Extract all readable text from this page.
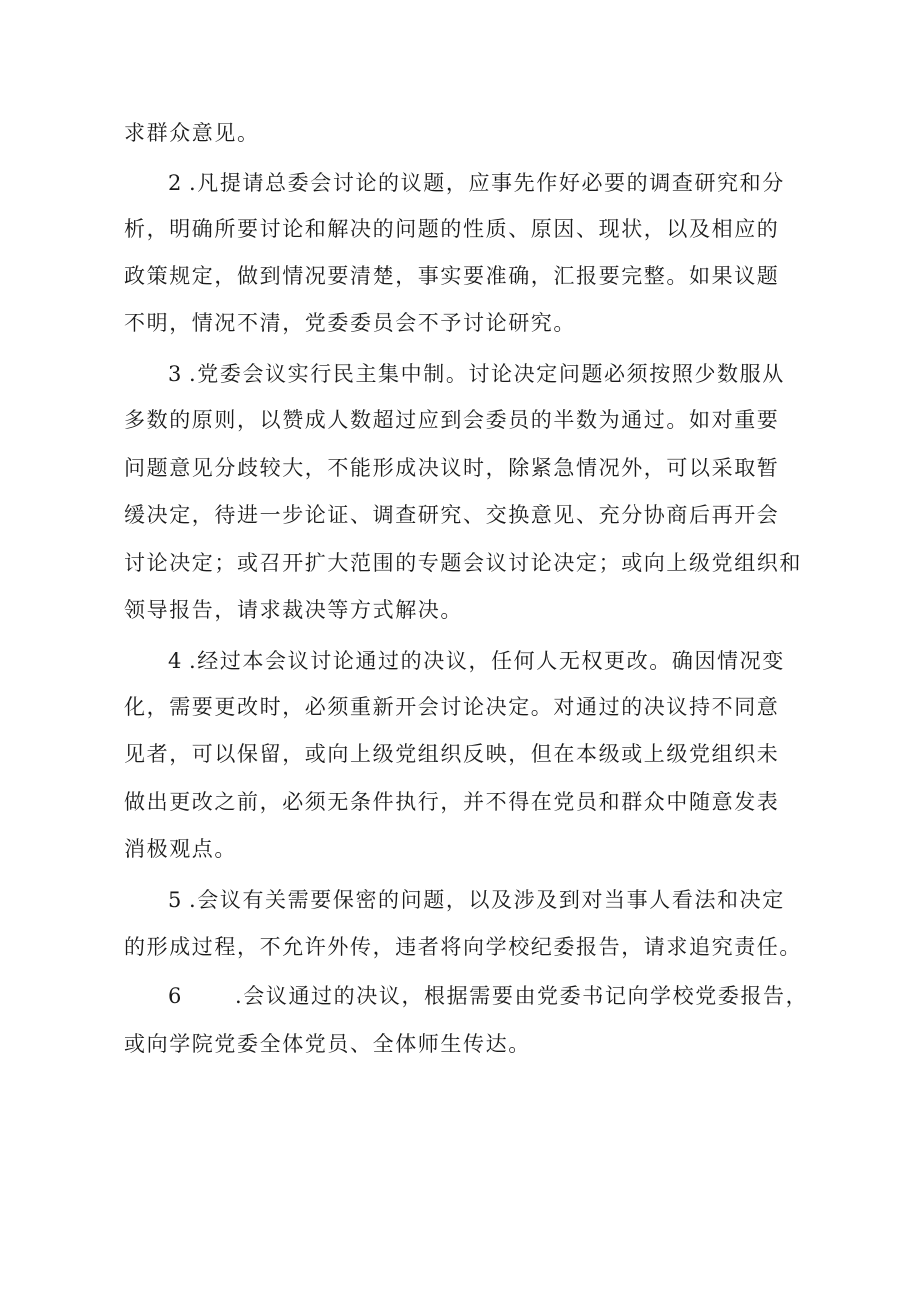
求群众意见。
2 .凡提请总委会讨论的议题，应事先作好必要的调查研究和分
析，明确所要讨论和解决的问题的性质、原因、现状，以及相应的
政策规定，做到情况要清楚，事实要准确，汇报要完整。如果议题
不明，情况不清，党委委员会不予讨论研究。
3 .党委会议实行民主集中制。讨论决定问题必须按照少数服从
多数的原则，以赞成人数超过应到会委员的半数为通过。如对重要
问题意见分歧较大，不能形成决议时，除紧急情况外，可以采取暂
缓决定，待进一步论证、调查研究、交换意见、充分协商后再开会
讨论决定；或召开扩大范围的专题会议讨论决定；或向上级党组织和
领导报告，请求裁决等方式解决。
4 .经过本会议讨论通过的决议，任何人无权更改。确因情况变
化，需要更改时，必须重新开会讨论决定。对通过的决议持不同意
见者，可以保留，或向上级党组织反映，但在本级或上级党组织未
做出更改之前，必须无条件执行，并不得在党员和群众中随意发表
消极观点。
5 .会议有关需要保密的问题，以及涉及到对当事人看法和决定
的形成过程，不允许外传，违者将向学校纪委报告，请求追究责任。
6 .会议通过的决议，根据需要由党委书记向学校党委报告，
或向学院党委全体党员、全体师生传达。
